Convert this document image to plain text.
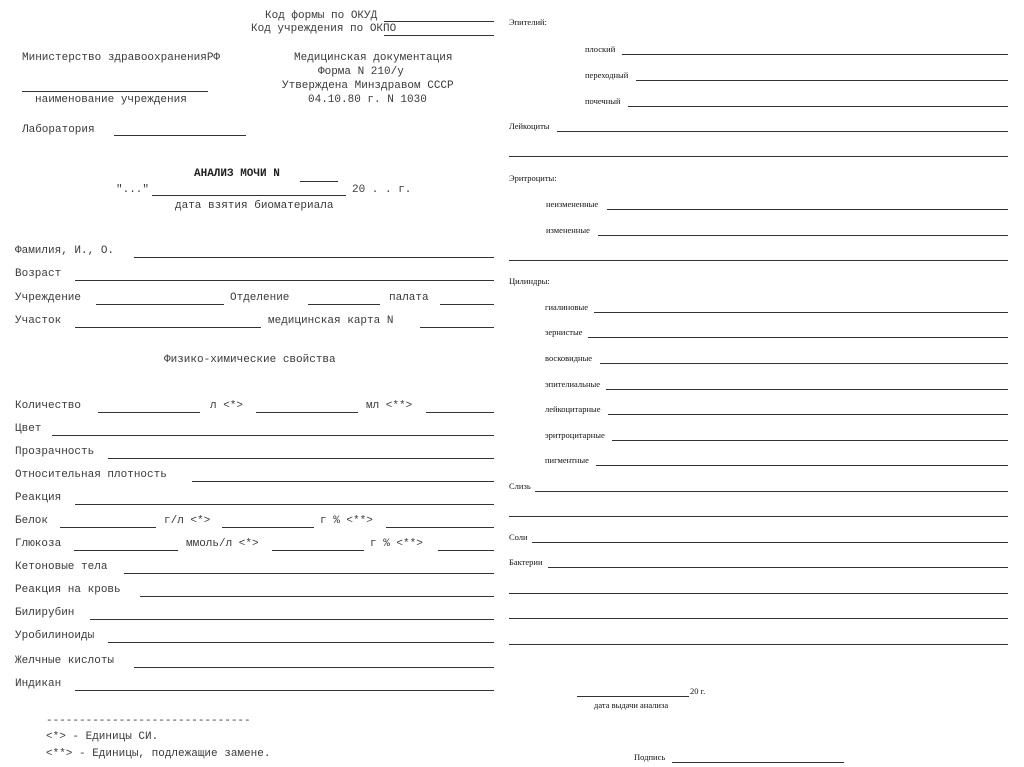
Код формы по ОКУД
Код учреждения по ОКПО
Министерство здравоохраненияРФ	Медицинская документация
Форма N 210/у
Утверждена Минздравом СССР
04.10.80 г. N 1030
наименование учреждения
Лаборатория
АНАЛИЗ МОЧИ N
"..."	20 . . г.
дата взятия биоматериала
Фамилия, И., О.
Возраст
Учреждение	Отделение	палата
Участок	медицинская карта N
Физико-химические свойства
Количество	л <*>	мл <**>
Цвет
Прозрачность
Относительная плотность
Реакция
Белок	г/л <*>	г % <**>
Глюкоза	ммоль/л <*>	г % <**>
Кетоновые тела
Реакция на кровь
Билирубин
Уробилиноиды
Желчные кислоты
Индикан
-------------------------------
<*> - Единицы СИ.
<**> - Единицы, подлежащие замене.
Эпителий:
плоский
переходный
почечный
Лейкоциты
Эритроциты:
неизмененные
измененные
Цилиндры:
гиалиновые
зернистые
восковидные
эпителиальные
лейкоцитарные
эритроцитарные
пигментные
Слизь
Соли
Бактерии
20 г.
дата выдачи анализа
Подпись
